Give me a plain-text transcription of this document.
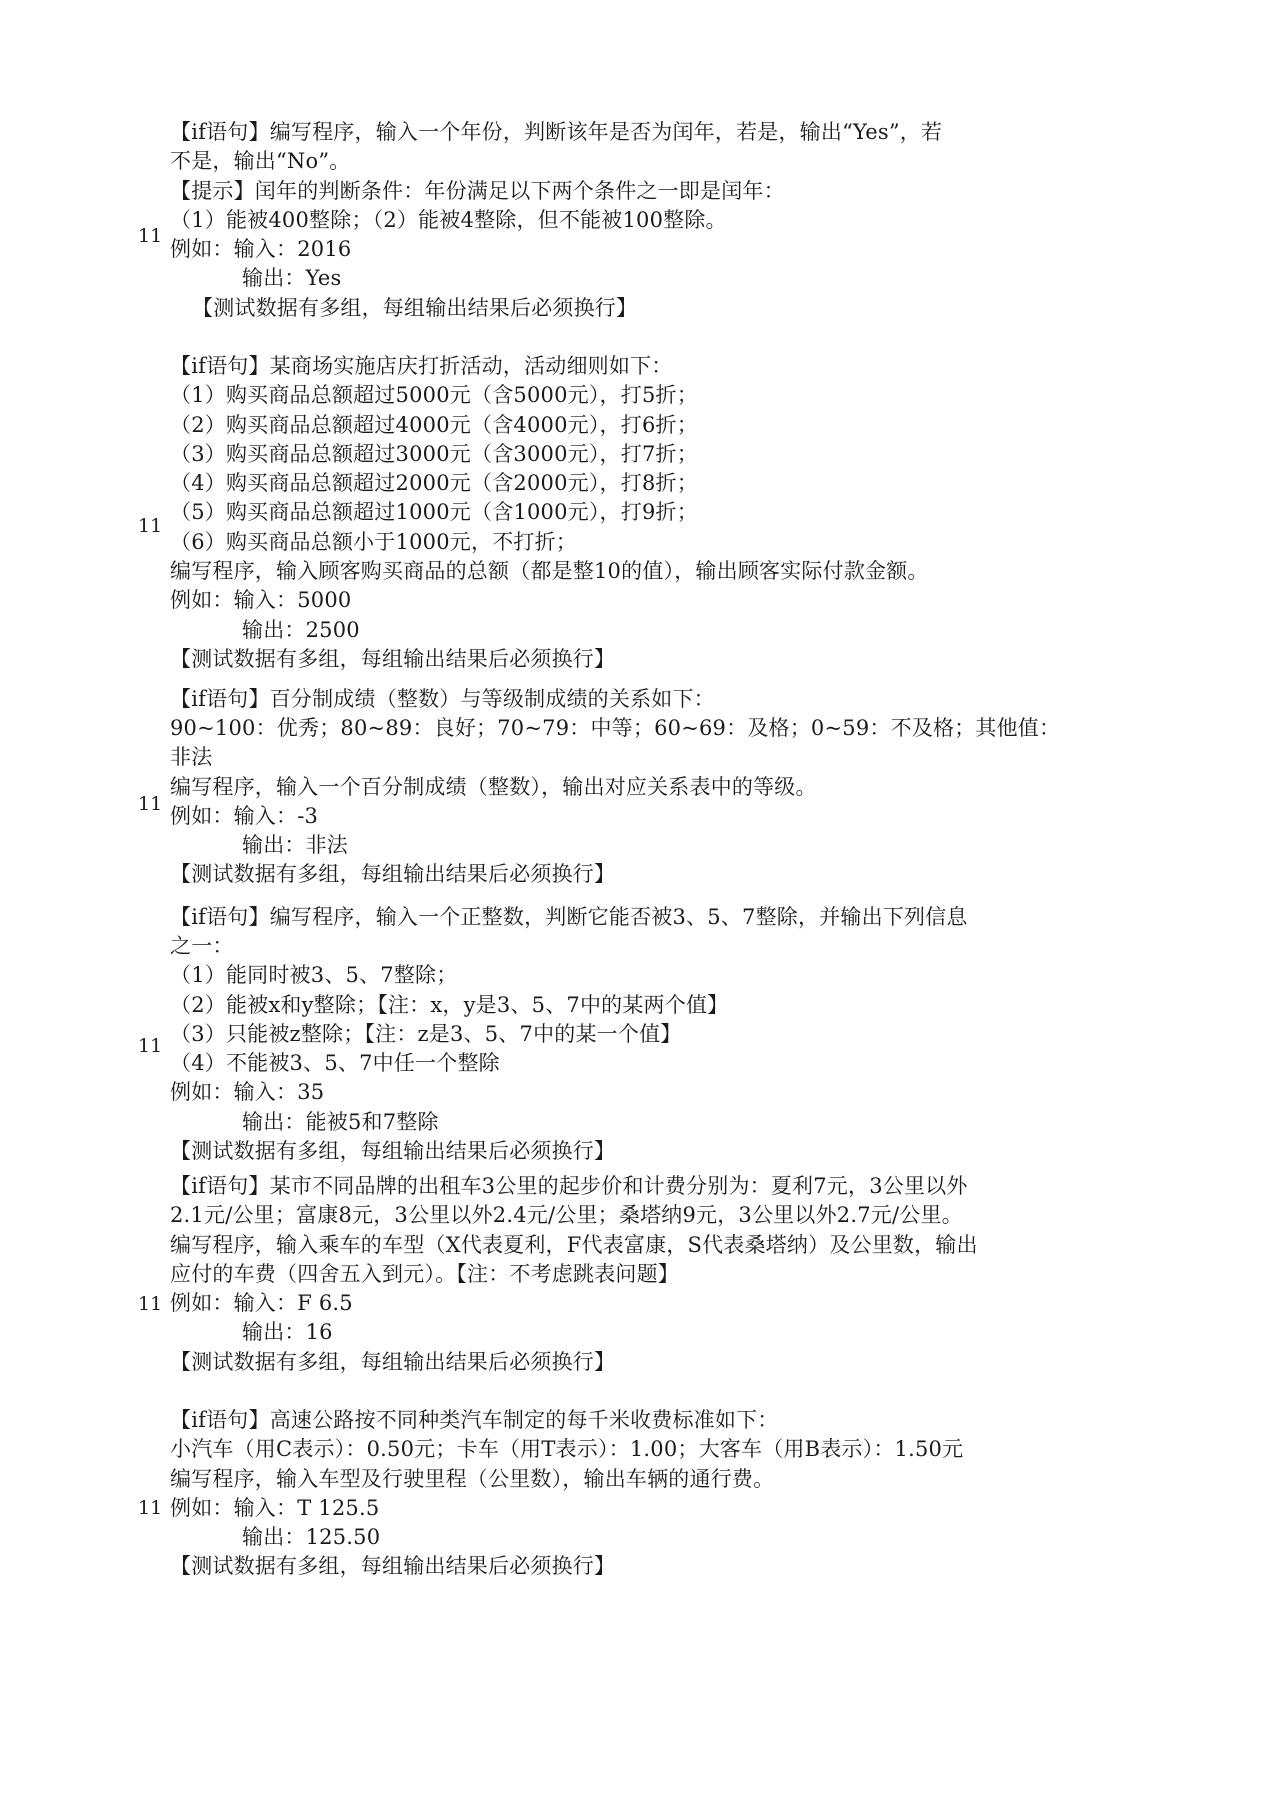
11
【if语句】编写程序，输入一个年份，判断该年是否为闰年，若是，输出“Yes”，若
不是，输出“No”。
【提示】闰年的判断条件：年份满足以下两个条件之一即是闰年：
（1）能被400整除；（2）能被4整除，但不能被100整除。
例如：输入：2016
输出：Yes
【测试数据有多组，每组输出结果后必须换行】
11
【if语句】某商场实施店庆打折活动，活动细则如下：
（1）购买商品总额超过5000元（含5000元），打5折；
（2）购买商品总额超过4000元（含4000元），打6折；
（3）购买商品总额超过3000元（含3000元），打7折；
（4）购买商品总额超过2000元（含2000元），打8折；
（5）购买商品总额超过1000元（含1000元），打9折；
（6）购买商品总额小于1000元，不打折；
编写程序，输入顾客购买商品的总额（都是整10的值），输出顾客实际付款金额。
例如：输入：5000
输出：2500
【测试数据有多组，每组输出结果后必须换行】
11
【if语句】百分制成绩（整数）与等级制成绩的关系如下：
90~100：优秀；80~89：良好；70~79：中等；60~69：及格；0~59：不及格；其他值：
非法
编写程序，输入一个百分制成绩（整数），输出对应关系表中的等级。
例如：输入：-3
输出：非法
【测试数据有多组，每组输出结果后必须换行】
11
【if语句】编写程序，输入一个正整数，判断它能否被3、5、7整除，并输出下列信息
之一：
（1）能同时被3、5、7整除；
（2）能被x和y整除；【注：x，y是3、5、7中的某两个值】
（3）只能被z整除；【注：z是3、5、7中的某一个值】
（4）不能被3、5、7中任一个整除
例如：输入：35
输出：能被5和7整除
【测试数据有多组，每组输出结果后必须换行】
11
【if语句】某市不同品牌的出租车3公里的起步价和计费分别为：夏利7元，3公里以外
2.1元/公里；富康8元，3公里以外2.4元/公里；桑塔纳9元，3公里以外2.7元/公里。
编写程序，输入乘车的车型（X代表夏利，F代表富康，S代表桑塔纳）及公里数，输出
应付的车费（四舍五入到元）。【注：不考虑跳表问题】
例如：输入：F 6.5
输出：16
【测试数据有多组，每组输出结果后必须换行】
11
【if语句】高速公路按不同种类汽车制定的每千米收费标准如下：
小汽车（用C表示）：0.50元；卡车（用T表示）：1.00；大客车（用B表示）：1.50元
编写程序，输入车型及行驶里程（公里数），输出车辆的通行费。
例如：输入：T 125.5
输出：125.50
【测试数据有多组，每组输出结果后必须换行】
